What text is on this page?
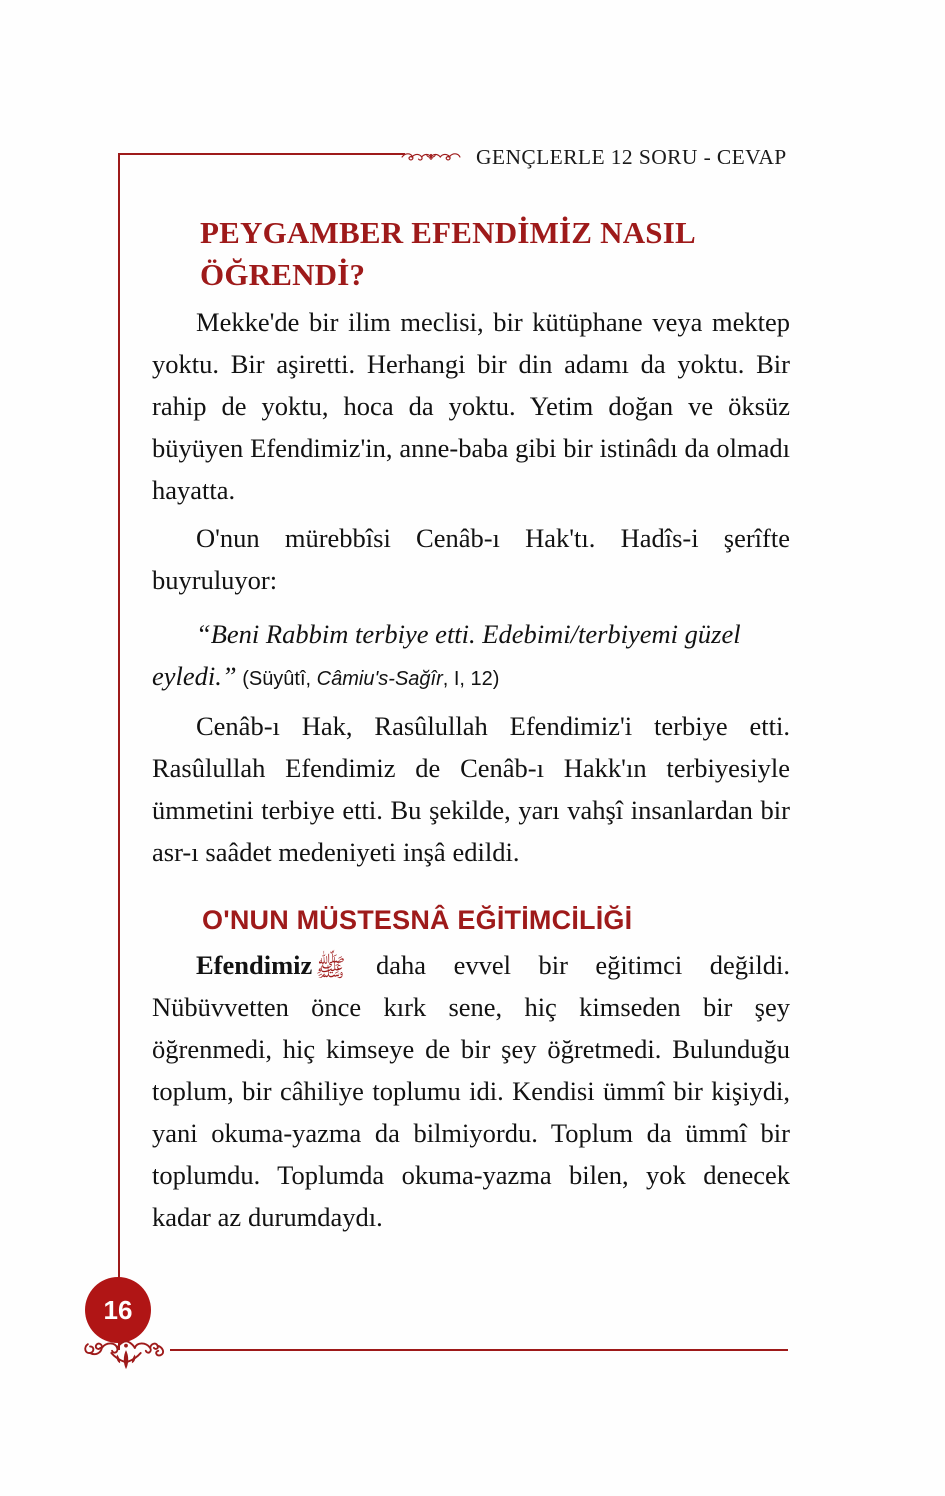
GENÇLERLE 12 SORU - CEVAP
PEYGAMBER EFENDİMİZ NASIL ÖĞRENDİ?

Mekke'de bir ilim meclisi, bir kütüphane veya mektep yoktu. Bir aşiretti. Herhangi bir din adamı da yoktu. Bir rahip de yoktu, hoca da yoktu. Yetim doğan ve öksüz büyüyen Efendimiz'in, anne-baba gibi bir istinâdı da olmadı hayatta.

O'nun mürebbîsi Cenâb-ı Hak'tı. Hadîs-i şerîfte buyruluyor:

“Beni Rabbim terbiye etti. Edebimi/terbiyemi güzel eyledi.” (Süyûtî, Câmiu's-Sağîr, I, 12)

Cenâb-ı Hak, Rasûlullah Efendimiz'i terbiye etti. Rasûlullah Efendimiz de Cenâb-ı Hakk'ın terbiyesiyle ümmetini terbiye etti. Bu şekilde, yarı vahşî insanlardan bir asr-ı saâdet medeniyeti inşâ edildi.

O'NUN MÜSTESNÂ EĞİTİMCİLİĞİ

Efendimiz ﷺ daha evvel bir eğitimci değildi. Nübüvvetten önce kırk sene, hiç kimseden bir şey öğrenmedi, hiç kimseye de bir şey öğretmedi. Bulunduğu toplum, bir câhiliye toplumu idi. Kendisi ümmî bir kişiydi, yani okuma-yazma da bilmiyordu. Toplum da ümmî bir toplumdu. Toplumda okuma-yazma bilen, yok denecek kadar az durumdaydı.

16
